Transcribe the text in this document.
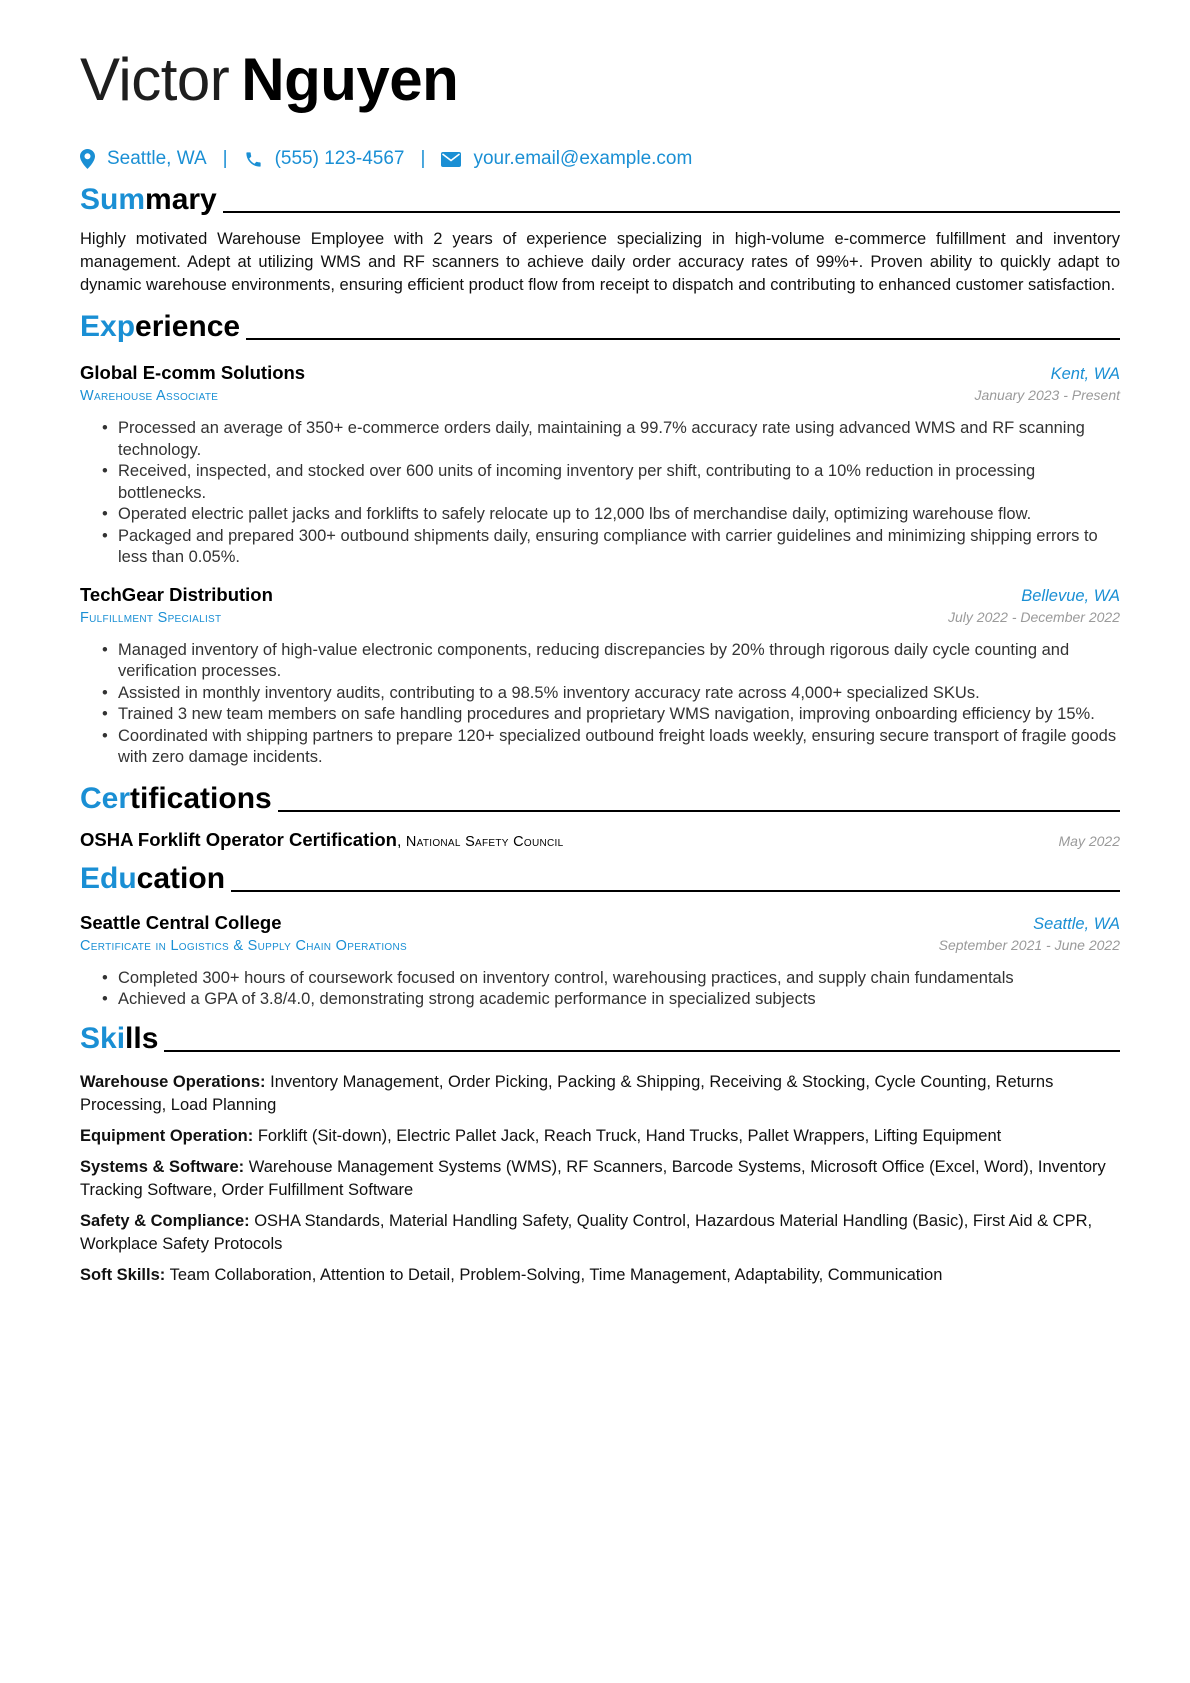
Victor Nguyen
Seattle, WA | (555) 123-4567 |	your.email@example.com
Summary
Highly motivated Warehouse Employee with 2 years of experience specializing in high-volume e-commerce fulfillment and inventory management. Adept at utilizing WMS and RF scanners to achieve daily order accuracy rates of 99%+. Proven ability to quickly adapt to dynamic warehouse environments, ensuring efficient product flow from receipt to dispatch and contributing to enhanced customer satisfaction.
Experience
Global E-comm Solutions	Kent, WA
Warehouse Associate	January 2023 - Present
• Processed an average of 350+ e-commerce orders daily, maintaining a 99.7% accuracy rate using advanced WMS and RF scanning technology.
• Received, inspected, and stocked over 600 units of incoming inventory per shift, contributing to a 10% reduction in processing bottlenecks.
• Operated electric pallet jacks and forklifts to safely relocate up to 12,000 lbs of merchandise daily, optimizing warehouse flow.
• Packaged and prepared 300+ outbound shipments daily, ensuring compliance with carrier guidelines and minimizing shipping errors to less than 0.05%.
TechGear Distribution	Bellevue, WA
Fulfillment Specialist	July 2022 - December 2022
• Managed inventory of high-value electronic components, reducing discrepancies by 20% through rigorous daily cycle counting and verification processes.
• Assisted in monthly inventory audits, contributing to a 98.5% inventory accuracy rate across 4,000+ specialized SKUs.
• Trained 3 new team members on safe handling procedures and proprietary WMS navigation, improving onboarding efficiency by 15%.
• Coordinated with shipping partners to prepare 120+ specialized outbound freight loads weekly, ensuring secure transport of fragile goods with zero damage incidents.
Certifications
OSHA Forklift Operator Certification, National Safety Council	May 2022
Education
Seattle Central College	Seattle, WA
Certificate in Logistics & Supply Chain Operations	September 2021 - June 2022
• Completed 300+ hours of coursework focused on inventory control, warehousing practices, and supply chain fundamentals
• Achieved a GPA of 3.8/4.0, demonstrating strong academic performance in specialized subjects
Skills
Warehouse Operations: Inventory Management, Order Picking, Packing & Shipping, Receiving & Stocking, Cycle Counting, Returns Processing, Load Planning
Equipment Operation: Forklift (Sit-down), Electric Pallet Jack, Reach Truck, Hand Trucks, Pallet Wrappers, Lifting Equipment
Systems & Software: Warehouse Management Systems (WMS), RF Scanners, Barcode Systems, Microsoft Office (Excel, Word), Inventory Tracking Software, Order Fulfillment Software
Safety & Compliance: OSHA Standards, Material Handling Safety, Quality Control, Hazardous Material Handling (Basic), First Aid & CPR, Workplace Safety Protocols
Soft Skills: Team Collaboration, Attention to Detail, Problem-Solving, Time Management, Adaptability, Communication
